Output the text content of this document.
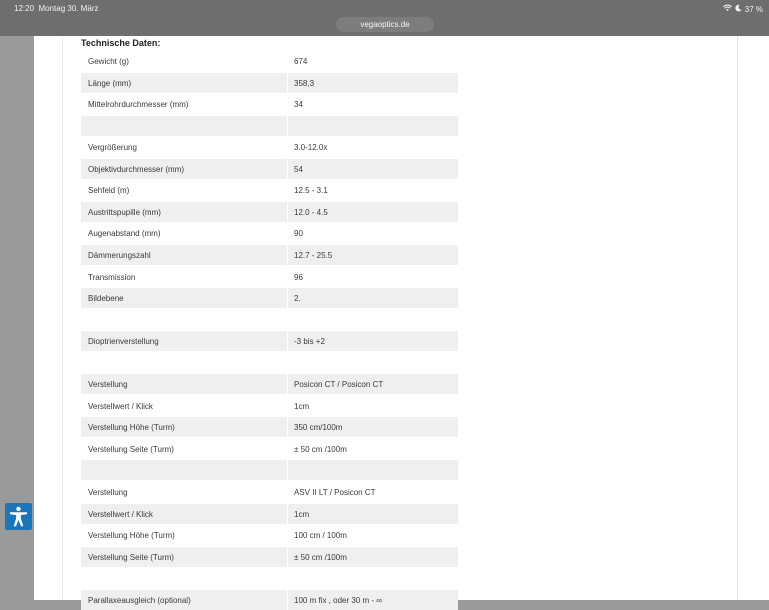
12:20 Montag 30. März	37 %
vegaoptics.de
Technische Daten:
Gewicht (g)	674
Länge (mm)	358,3
Mittelrohrdurchmesser (mm)	34
Vergrößerung	3.0-12.0x
Objektivdurchmesser (mm)	54
Sehfeld (m)	12.5 - 3.1
Austrittspupille (mm)	12.0 - 4.5
Augenabstand (mm)	90
Dämmerungszahl	12.7 - 25.5
Transmission	96
Bildebene	2.
Dioptrienverstellung	-3 bis +2
Verstellung	Posicon CT / Posicon CT
Verstellwert / Klick	1cm
Verstellung Höhe (Turm)	350 cm/100m
Verstellung Seite (Turm)	± 50 cm /100m
Verstellung	ASV II LT / Posicon CT
Verstellwert / Klick	1cm
Verstellung Höhe (Turm)	100 cm / 100m
Verstellung Seite (Turm)	± 50 cm /100m
Parallaxeausgleich (optional)	100 m fix , oder 30 m - ∞
